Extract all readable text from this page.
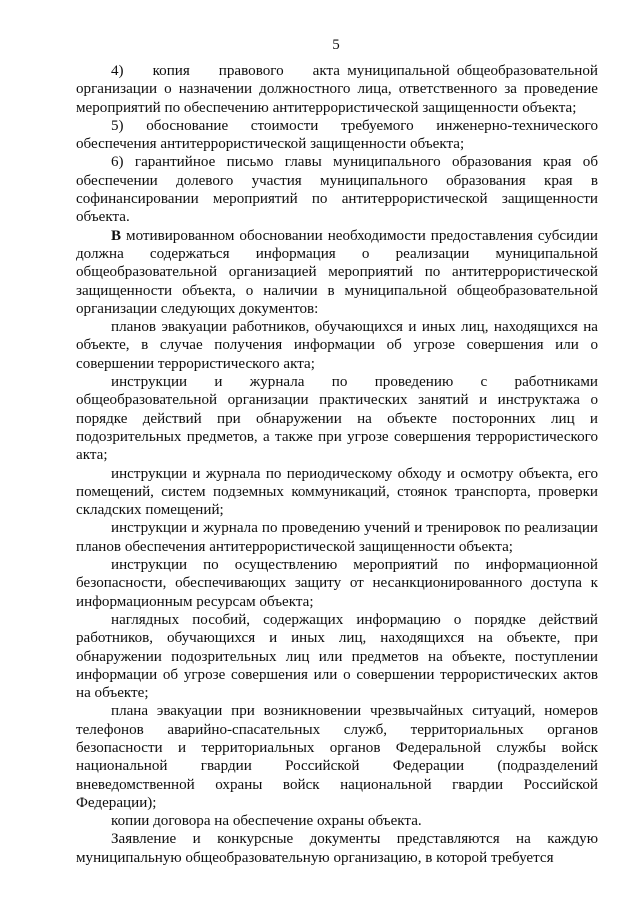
5

4)    копия    правового    акта муниципальной общеобразовательной организации о назначении должностного лица, ответственного за проведение мероприятий по обеспечению антитеррористической защищенности объекта;

5)    обоснование    стоимости    требуемого    инженерно-технического обеспечения антитеррористической защищенности объекта;

6) гарантийное письмо главы муниципального образования края об обеспечении долевого участия муниципального образования края в софинансировании мероприятий по антитеррористической защищенности объекта.

В мотивированном обосновании необходимости предоставления субсидии должна содержаться информация о реализации муниципальной общеобразовательной организацией мероприятий по антитеррористической защищенности объекта, о наличии в муниципальной общеобразовательной организации следующих документов:

планов эвакуации работников, обучающихся и иных лиц, находящихся на объекте, в случае получения информации об угрозе совершения или о совершении террористического акта;

инструкции    и    журнала    по    проведению    с    работниками общеобразовательной организации практических занятий и инструктажа о порядке действий при обнаружении на объекте посторонних лиц и подозрительных предметов, а также при угрозе совершения террористического акта;

инструкции и журнала по периодическому обходу и осмотру объекта, его помещений, систем подземных коммуникаций, стоянок транспорта, проверки складских помещений;

инструкции и журнала по проведению учений и тренировок по реализации планов обеспечения антитеррористической защищенности объекта;

инструкции по осуществлению мероприятий по информационной безопасности, обеспечивающих защиту от несанкционированного доступа к информационным ресурсам объекта;

наглядных пособий, содержащих информацию о порядке действий работников, обучающихся и иных лиц, находящихся на объекте, при обнаружении подозрительных лиц или предметов на объекте, поступлении информации об угрозе совершения или о совершении террористических актов на объекте;

плана эвакуации при возникновении чрезвычайных ситуаций, номеров телефонов аварийно-спасательных служб, территориальных органов безопасности и территориальных органов Федеральной службы войск национальной гвардии Российской Федерации (подразделений вневедомственной охраны войск национальной гвардии Российской Федерации);

копии договора на обеспечение охраны объекта.

Заявление и конкурсные документы представляются на каждую муниципальную общеобразовательную организацию, в которой требуется
